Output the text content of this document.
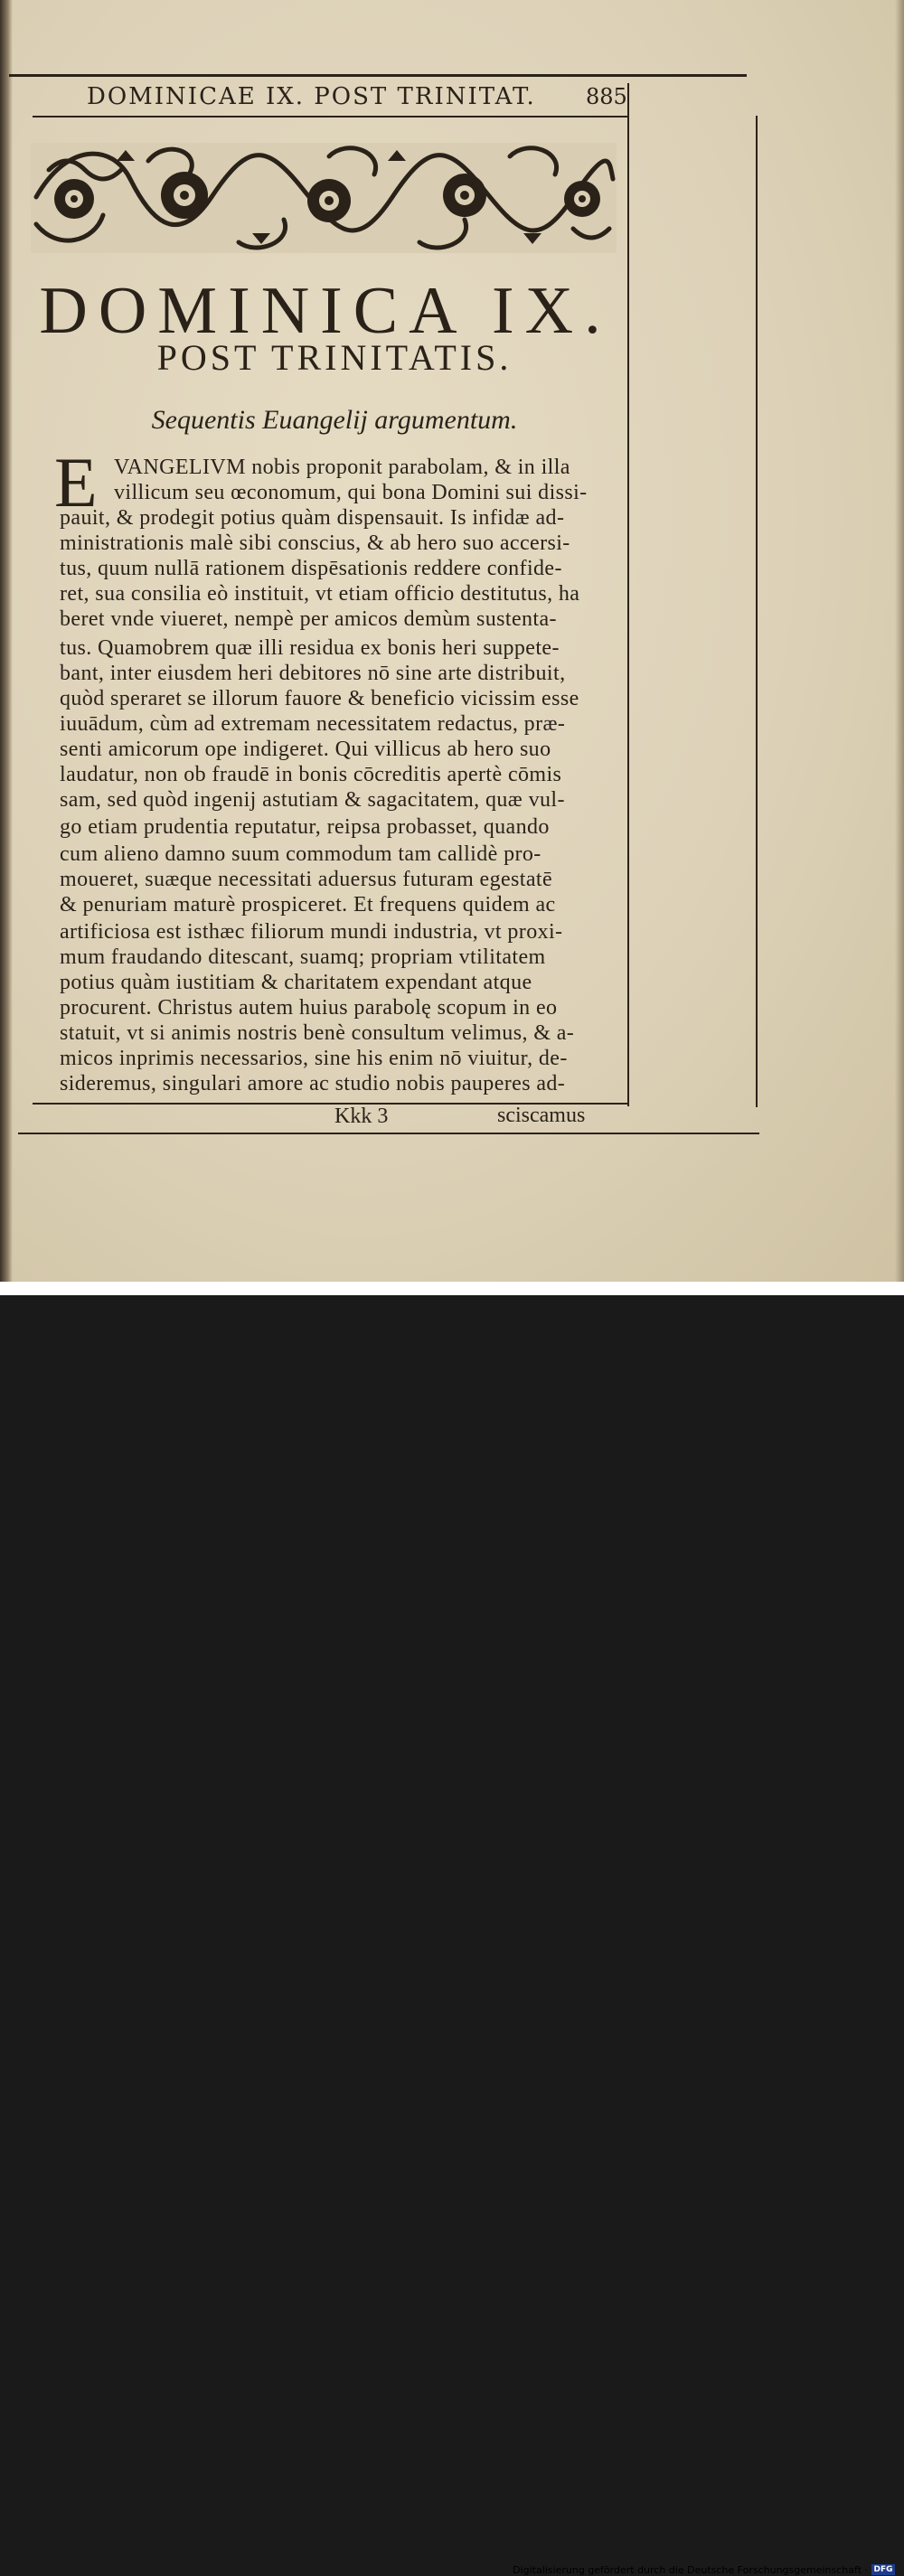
DOMINICAE IX. POST TRINITAT.	885
DOMINICA IX.
POST TRINITATIS.
Sequentis Euangelij argumentum.
E VANGELIVM nobis proponit parabolam, & in illa
villicum seu œconomum, qui bona Domini sui dissi-
pauit, & prodegit potius quàm dispensauit. Is infidæ ad-
ministrationis malè sibi conscius, & ab hero suo accersi-
tus, quum nullā rationem dispēsationis reddere confide-
ret, sua consilia eò instituit, vt etiam officio destitutus, ha
beret vnde viueret, nempè per amicos demùm sustenta-
tus. Quamobrem quæ illi residua ex bonis heri suppete-
bant, inter eiusdem heri debitores nō sine arte distribuit,
quòd speraret se illorum fauore & beneficio vicissim esse
iuuādum, cùm ad extremam necessitatem redactus, præ-
senti amicorum ope indigeret. Qui villicus ab hero suo
laudatur, non ob fraudē in bonis cōcreditis apertè cōmis
sam, sed quòd ingenij astutiam & sagacitatem, quæ vul-
go etiam prudentia reputatur, reipsa probasset, quando
cum alieno damno suum commodum tam callidè pro-
moueret, suæque necessitati aduersus futuram egestatē
& penuriam maturè prospiceret. Et frequens quidem ac
artificiosa est isthæc filiorum mundi industria, vt proxi-
mum fraudando ditescant, suamq; propriam vtilitatem
potius quàm iustitiam & charitatem expendant atque
procurent. Christus autem huius parabolę scopum in eo
statuit, vt si animis nostris benè consultum velimus, & a-
micos inprimis necessarios, sine his enim nō viuitur, de-
sideremus, singulari amore ac studio nobis pauperes ad-
Kkk 3	sciscamus
Digitalisierung gefördert durch die Deutsche Forschungsgemeinschaft · DFG
